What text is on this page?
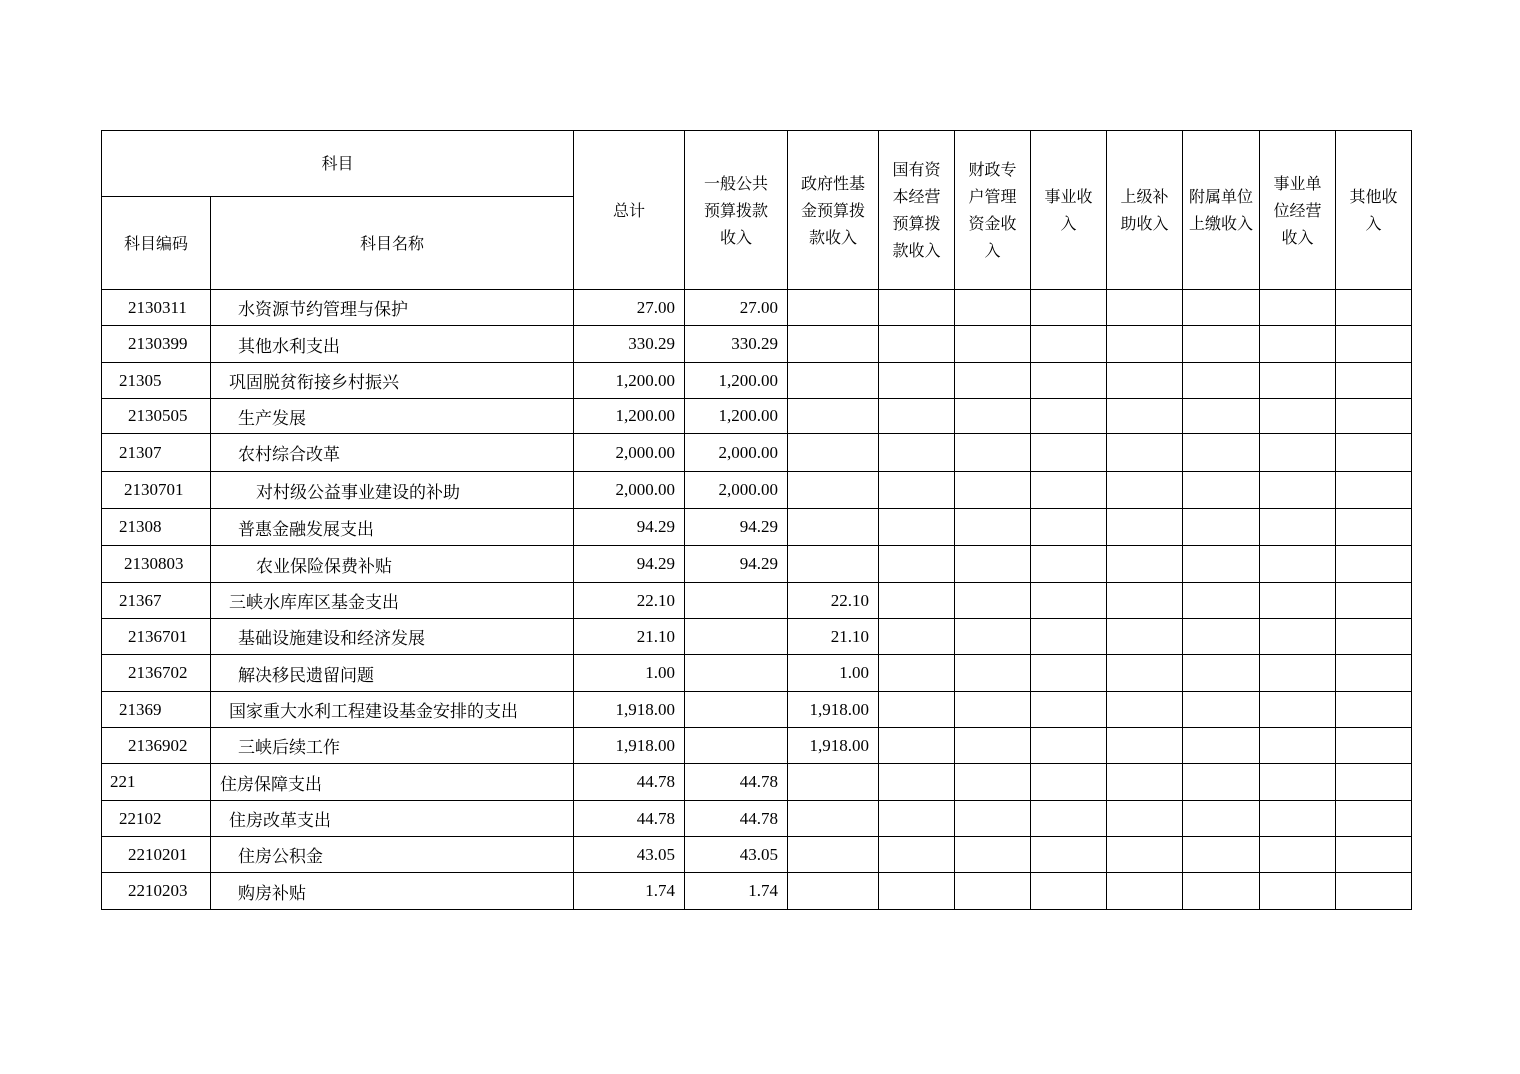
科目		总计	一般公共预算拨款收入	政府性基金预算拨款收入	国有资本经营预算拨款收入	财政专户管理资金收入	事业收入	上级补助收入	附属单位上缴收入	事业单位经营收入	其他收入
科目编码	科目名称										
2130311	水资源节约管理与保护	27.00	27.00								
2130399	其他水利支出	330.29	330.29								
21305	巩固脱贫衔接乡村振兴	1,200.00	1,200.00								
2130505	生产发展	1,200.00	1,200.00								
21307	农村综合改革	2,000.00	2,000.00								
2130701	对村级公益事业建设的补助	2,000.00	2,000.00								
21308	普惠金融发展支出	94.29	94.29								
2130803	农业保险保费补贴	94.29	94.29								
21367	三峡水库库区基金支出	22.10		22.10							
2136701	基础设施建设和经济发展	21.10		21.10							
2136702	解决移民遗留问题	1.00		1.00							
21369	国家重大水利工程建设基金安排的支出	1,918.00		1,918.00							
2136902	三峡后续工作	1,918.00		1,918.00							
221	住房保障支出	44.78	44.78								
22102	住房改革支出	44.78	44.78								
2210201	住房公积金	43.05	43.05								
2210203	购房补贴	1.74	1.74								
